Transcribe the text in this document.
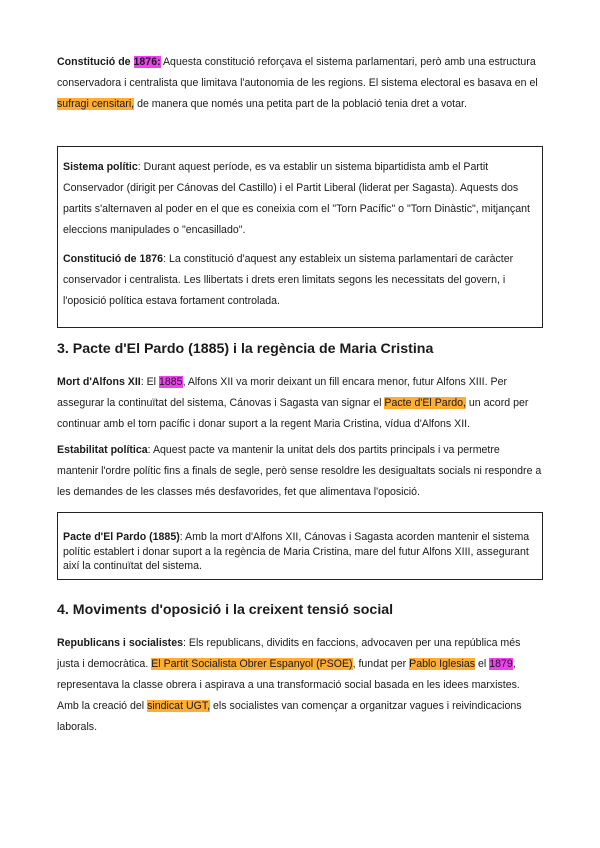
Constitució de 1876: Aquesta constitució reforçava el sistema parlamentari, però amb una estructura conservadora i centralista que limitava l'autonomia de les regions. El sistema electoral es basava en el sufragi censitari, de manera que només una petita part de la població tenia dret a votar.

Sistema polític: Durant aquest període, es va establir un sistema bipartidista amb el Partit Conservador (dirigit per Cánovas del Castillo) i el Partit Liberal (liderat per Sagasta). Aquests dos partits s'alternaven al poder en el que es coneixia com el "Torn Pacífic" o "Torn Dinàstic", mitjançant eleccions manipulades o "encasillado".

Constitució de 1876: La constitució d'aquest any estableix un sistema parlamentari de caràcter conservador i centralista. Les llibertats i drets eren limitats segons les necessitats del govern, i l'oposició política estava fortament controlada.

3. Pacte d'El Pardo (1885) i la regència de Maria Cristina

Mort d'Alfons XII: El 1885, Alfons XII va morir deixant un fill encara menor, futur Alfons XIII. Per assegurar la continuïtat del sistema, Cánovas i Sagasta van signar el Pacte d'El Pardo, un acord per continuar amb el torn pacífic i donar suport a la regent Maria Cristina, vídua d'Alfons XII.

Estabilitat política: Aquest pacte va mantenir la unitat dels dos partits principals i va permetre mantenir l'ordre polític fins a finals de segle, però sense resoldre les desigualtats socials ni respondre a les demandes de les classes més desfavorides, fet que alimentava l'oposició.

Pacte d'El Pardo (1885): Amb la mort d'Alfons XII, Cánovas i Sagasta acorden mantenir el sistema polític establert i donar suport a la regència de Maria Cristina, mare del futur Alfons XIII, assegurant així la continuïtat del sistema.

4. Moviments d'oposició i la creixent tensió social

Republicans i socialistes: Els republicans, dividits en faccions, advocaven per una república més justa i democràtica. El Partit Socialista Obrer Espanyol (PSOE), fundat per Pablo Iglesias el 1879, representava la classe obrera i aspirava a una transformació social basada en les idees marxistes. Amb la creació del sindicat UGT, els socialistes van començar a organitzar vagues i reivindicacions laborals.
